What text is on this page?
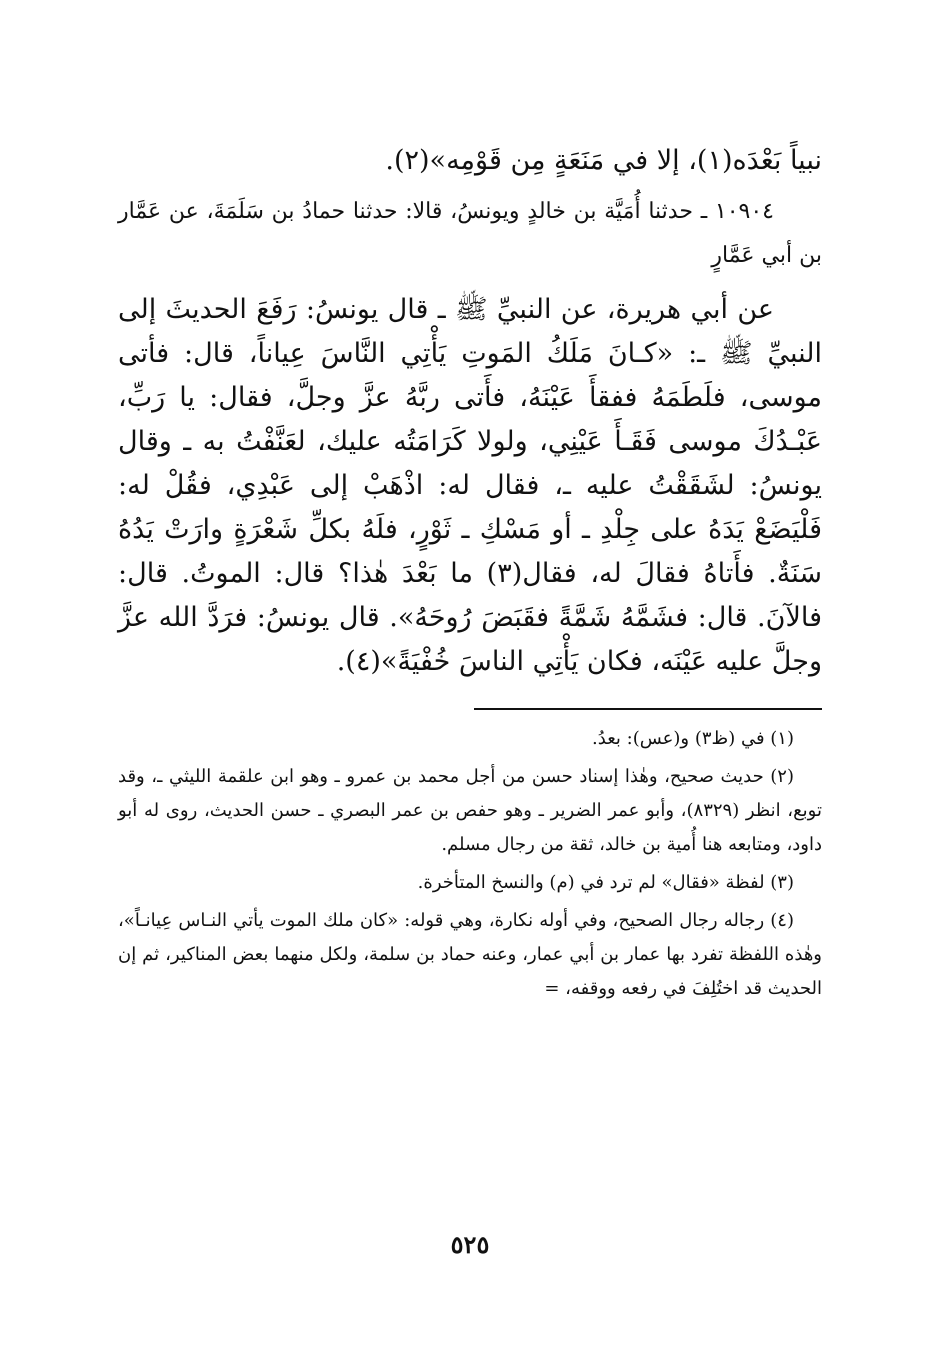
نبياً بَعْدَه(١)، إلا في مَنَعَةٍ مِن قَوْمِه»(٢).

١٠٩٠٤ ـ حدثنا أُمَيَّة بن خالدٍ ويونسُ، قالا: حدثنا حمادُ بن سَلَمَةَ، عن عَمَّار بن أبي عَمَّارٍ

عن أبي هريرة، عن النبيِّ ﷺ ـ قال يونسُ: رَفَعَ الحديثَ إلى النبيِّ ﷺ ـ: «كـانَ مَلَكُ المَوتِ يَأْتِي النَّاسَ عِياناً، قال: فأتى موسى، فلَطَمَهُ ففقأَ عَيْنَهُ، فأَتى ربَّهُ عزَّ وجلَّ، فقال: يا رَبِّ، عَبْـدُكَ موسى فَقَـأَ عَيْنِي، ولولا كَرَامَتُه عليك، لعَنَّفْتُ به ـ وقال يونسُ: لشَقَقْتُ عليه ـ، فقال له: اذْهَبْ إلى عَبْدِي، فقُلْ له: فَلْيَضَعْ يَدَهُ على جِلْدِ ـ أو مَسْكِ ـ ثَوْرٍ، فلَهُ بكلِّ شَعْرَةٍ وارَتْ يَدُهُ سَنَةٌ. فأَتاهُ فقالَ له، فقال(٣) ما بَعْدَ هٰذا؟ قال: الموتُ. قال: فالآنَ. قال: فشَمَّهُ شَمَّةً فقَبَضَ رُوحَهُ». قال يونسُ: فرَدَّ الله عزَّ وجلَّ عليه عَيْنَه، فكان يَأْتِي الناسَ خُفْيَةً»(٤).

(١) في (ظ٣) و(عس): بعدُ.

(٢) حديث صحيح، وهٰذا إسناد حسن من أجل محمد بن عمرو ـ وهو ابن علقمة الليثي ـ، وقد توبع، انظر (٨٣٢٩)، وأبو عمر الضرير ـ وهو حفص بن عمر البصري ـ حسن الحديث، روى له أبو داود، ومتابعه هنا أُمية بن خالد، ثقة من رجال مسلم.

(٣) لفظة «فقال» لم ترد في (م) والنسخ المتأخرة.

(٤) رجاله رجال الصحيح، وفي أوله نكارة، وهي قوله: «كان ملك الموت يأتي النـاس عِيانـاً»، وهٰذه اللفظة تفرد بها عمار بن أبي عمار، وعنه حماد بن سلمة، ولكل منهما بعض المناكير، ثم إن الحديث قد اختُلِفَ في رفعه ووقفه، =

٥٢٥
